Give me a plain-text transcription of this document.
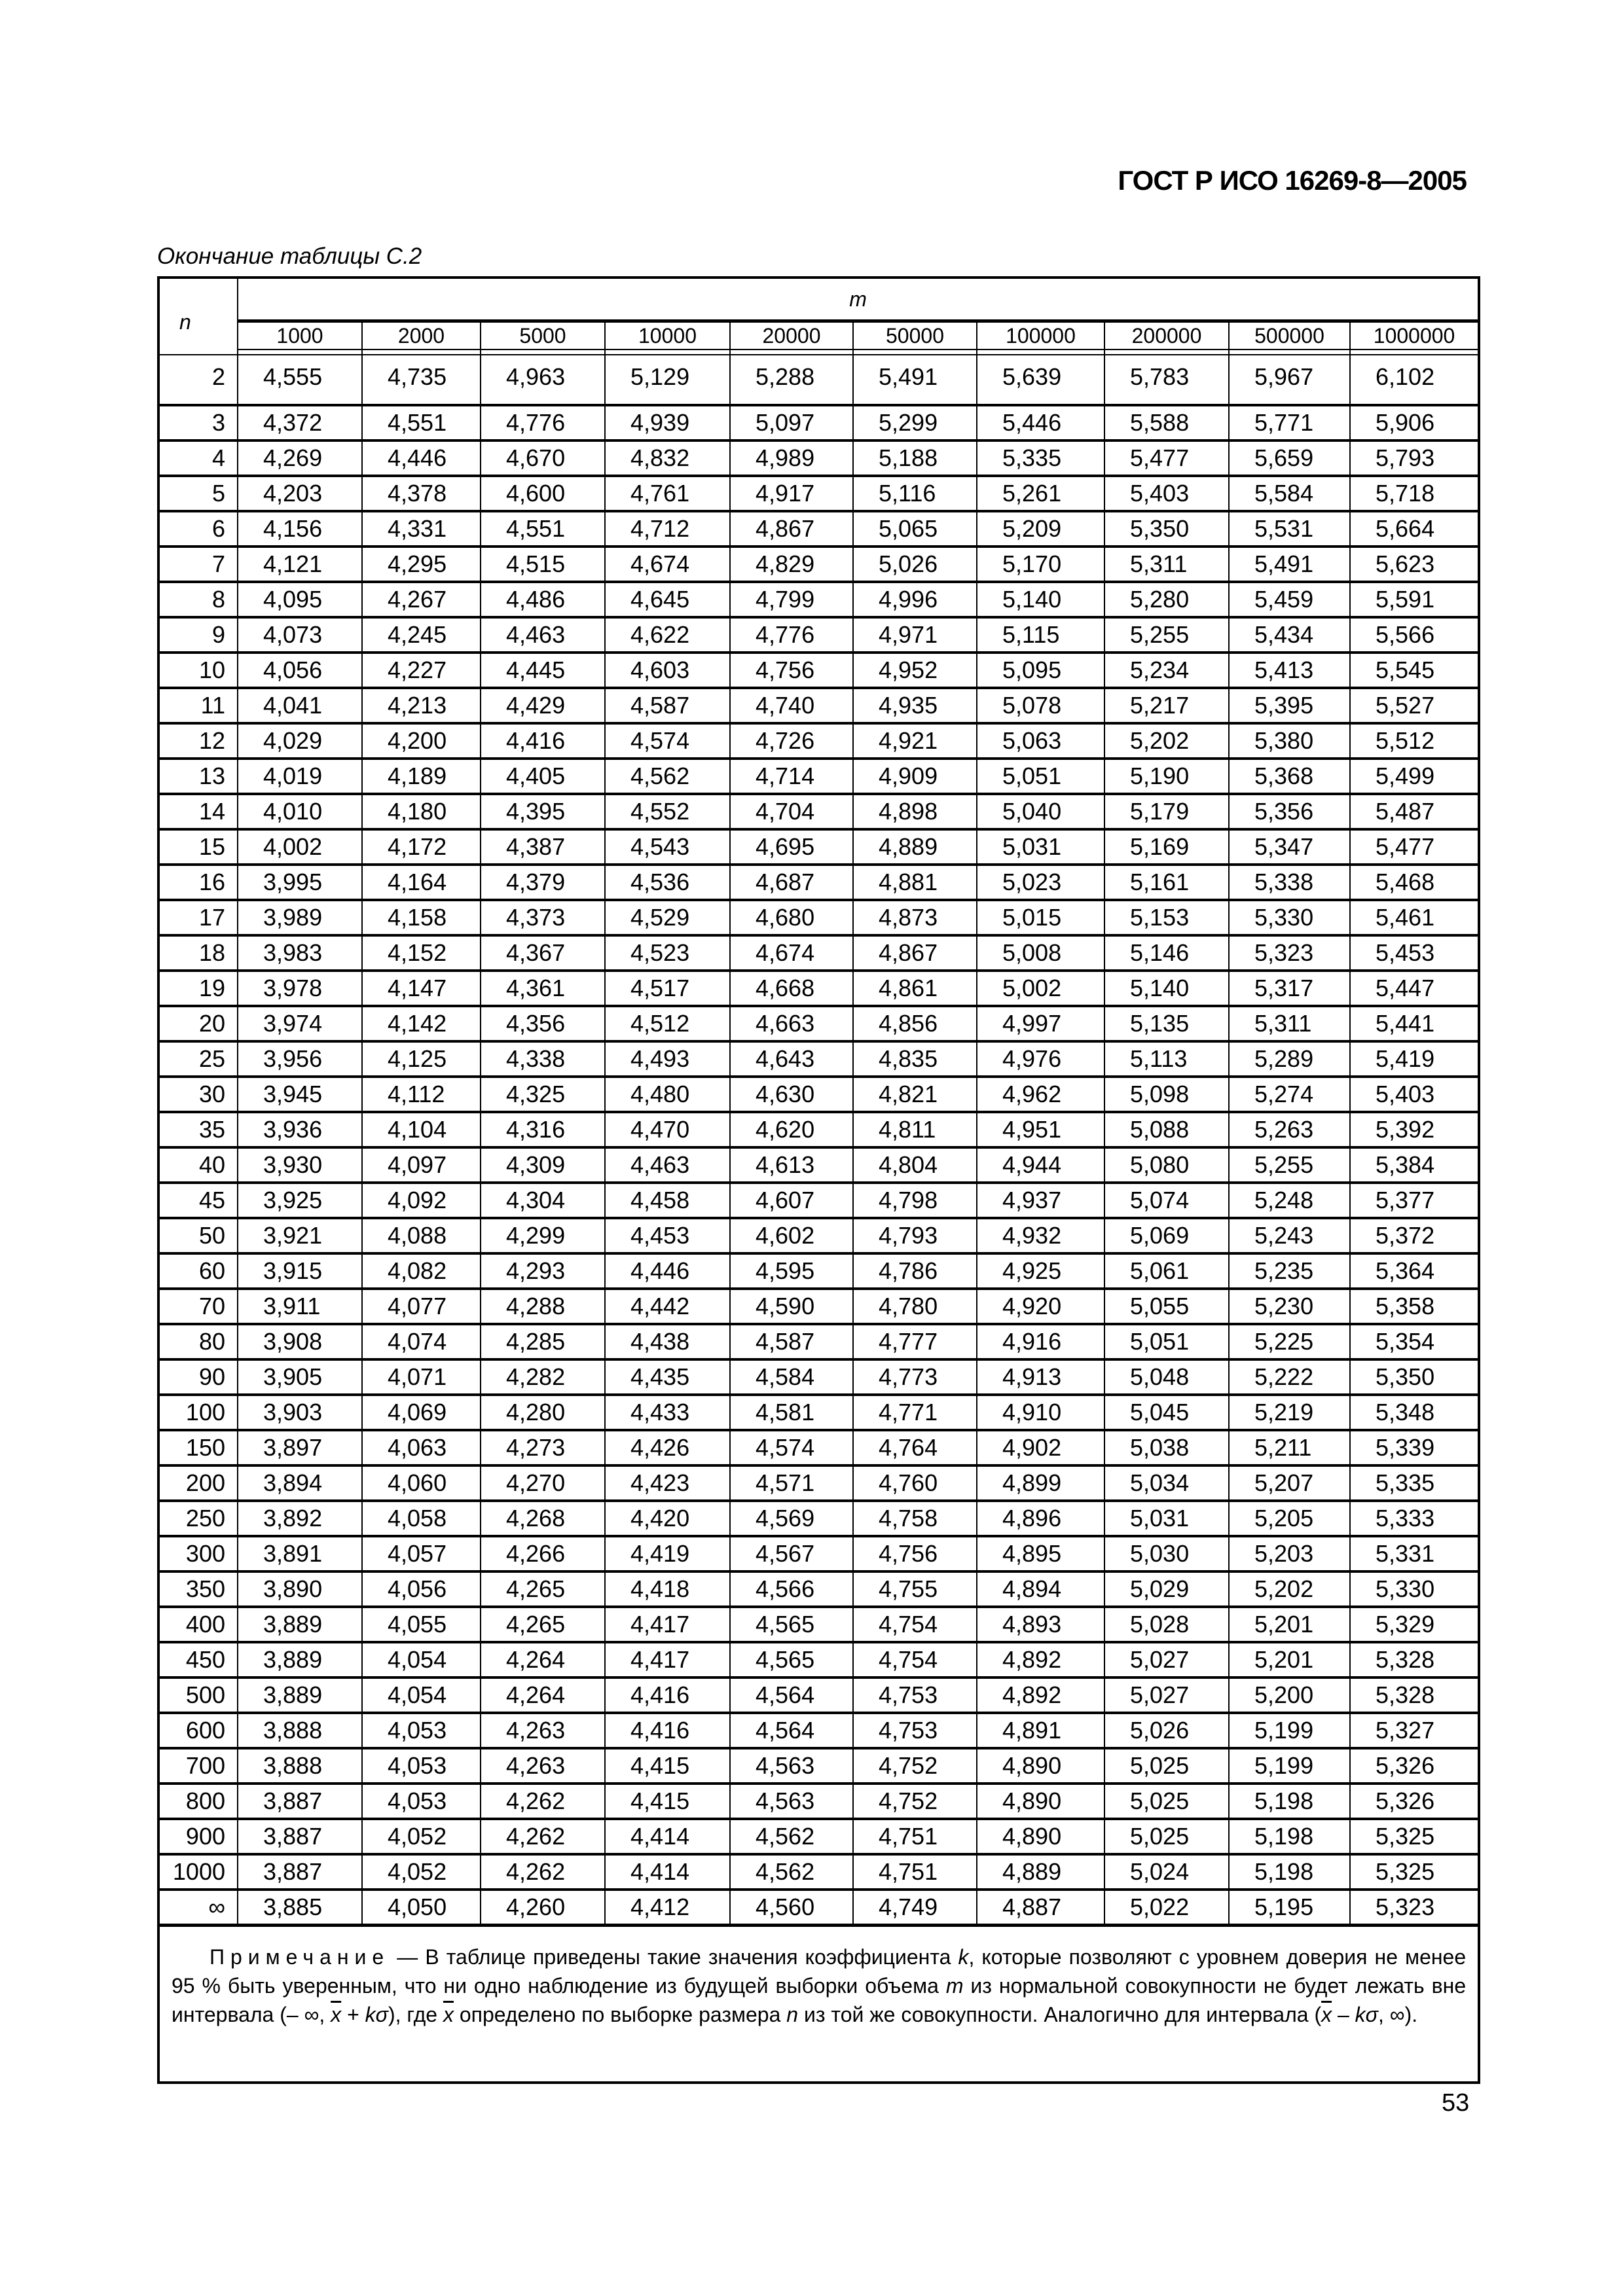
ГОСТ Р ИСО 16269-8—2005
Окончание таблицы С.2
n	m									
	1000	2000	5000	10000	20000	50000	100000	200000	500000	1000000

2	4,555	4,735	4,963	5,129	5,288	5,491	5,639	5,783	5,967	6,102
3	4,372	4,551	4,776	4,939	5,097	5,299	5,446	5,588	5,771	5,906
4	4,269	4,446	4,670	4,832	4,989	5,188	5,335	5,477	5,659	5,793
5	4,203	4,378	4,600	4,761	4,917	5,116	5,261	5,403	5,584	5,718
6	4,156	4,331	4,551	4,712	4,867	5,065	5,209	5,350	5,531	5,664
7	4,121	4,295	4,515	4,674	4,829	5,026	5,170	5,311	5,491	5,623
8	4,095	4,267	4,486	4,645	4,799	4,996	5,140	5,280	5,459	5,591
9	4,073	4,245	4,463	4,622	4,776	4,971	5,115	5,255	5,434	5,566
10	4,056	4,227	4,445	4,603	4,756	4,952	5,095	5,234	5,413	5,545
11	4,041	4,213	4,429	4,587	4,740	4,935	5,078	5,217	5,395	5,527
12	4,029	4,200	4,416	4,574	4,726	4,921	5,063	5,202	5,380	5,512
13	4,019	4,189	4,405	4,562	4,714	4,909	5,051	5,190	5,368	5,499
14	4,010	4,180	4,395	4,552	4,704	4,898	5,040	5,179	5,356	5,487
15	4,002	4,172	4,387	4,543	4,695	4,889	5,031	5,169	5,347	5,477
16	3,995	4,164	4,379	4,536	4,687	4,881	5,023	5,161	5,338	5,468
17	3,989	4,158	4,373	4,529	4,680	4,873	5,015	5,153	5,330	5,461
18	3,983	4,152	4,367	4,523	4,674	4,867	5,008	5,146	5,323	5,453
19	3,978	4,147	4,361	4,517	4,668	4,861	5,002	5,140	5,317	5,447
20	3,974	4,142	4,356	4,512	4,663	4,856	4,997	5,135	5,311	5,441
25	3,956	4,125	4,338	4,493	4,643	4,835	4,976	5,113	5,289	5,419
30	3,945	4,112	4,325	4,480	4,630	4,821	4,962	5,098	5,274	5,403
35	3,936	4,104	4,316	4,470	4,620	4,811	4,951	5,088	5,263	5,392
40	3,930	4,097	4,309	4,463	4,613	4,804	4,944	5,080	5,255	5,384
45	3,925	4,092	4,304	4,458	4,607	4,798	4,937	5,074	5,248	5,377
50	3,921	4,088	4,299	4,453	4,602	4,793	4,932	5,069	5,243	5,372
60	3,915	4,082	4,293	4,446	4,595	4,786	4,925	5,061	5,235	5,364
70	3,911	4,077	4,288	4,442	4,590	4,780	4,920	5,055	5,230	5,358
80	3,908	4,074	4,285	4,438	4,587	4,777	4,916	5,051	5,225	5,354
90	3,905	4,071	4,282	4,435	4,584	4,773	4,913	5,048	5,222	5,350
100	3,903	4,069	4,280	4,433	4,581	4,771	4,910	5,045	5,219	5,348
150	3,897	4,063	4,273	4,426	4,574	4,764	4,902	5,038	5,211	5,339
200	3,894	4,060	4,270	4,423	4,571	4,760	4,899	5,034	5,207	5,335
250	3,892	4,058	4,268	4,420	4,569	4,758	4,896	5,031	5,205	5,333
300	3,891	4,057	4,266	4,419	4,567	4,756	4,895	5,030	5,203	5,331
350	3,890	4,056	4,265	4,418	4,566	4,755	4,894	5,029	5,202	5,330
400	3,889	4,055	4,265	4,417	4,565	4,754	4,893	5,028	5,201	5,329
450	3,889	4,054	4,264	4,417	4,565	4,754	4,892	5,027	5,201	5,328
500	3,889	4,054	4,264	4,416	4,564	4,753	4,892	5,027	5,200	5,328
600	3,888	4,053	4,263	4,416	4,564	4,753	4,891	5,026	5,199	5,327
700	3,888	4,053	4,263	4,415	4,563	4,752	4,890	5,025	5,199	5,326
800	3,887	4,053	4,262	4,415	4,563	4,752	4,890	5,025	5,198	5,326
900	3,887	4,052	4,262	4,414	4,562	4,751	4,890	5,025	5,198	5,325
1000	3,887	4,052	4,262	4,414	4,562	4,751	4,889	5,024	5,198	5,325
∞	3,885	4,050	4,260	4,412	4,560	4,749	4,887	5,022	5,195	5,323
Примечание — В таблице приведены такие значения коэффициента k, которые позволяют с уровнем доверия не менее 95 % быть уверенным, что ни одно наблюдение из будущей выборки объема m из нормальной совокупности не будет лежать вне интервала (– ∞, $\overline{x} + k\sigma$), где $\overline{x}$ определено по выборке размера n из той же совокупности. Аналогично для интервала ($\overline{x}$ – kσ, ∞).										
53
